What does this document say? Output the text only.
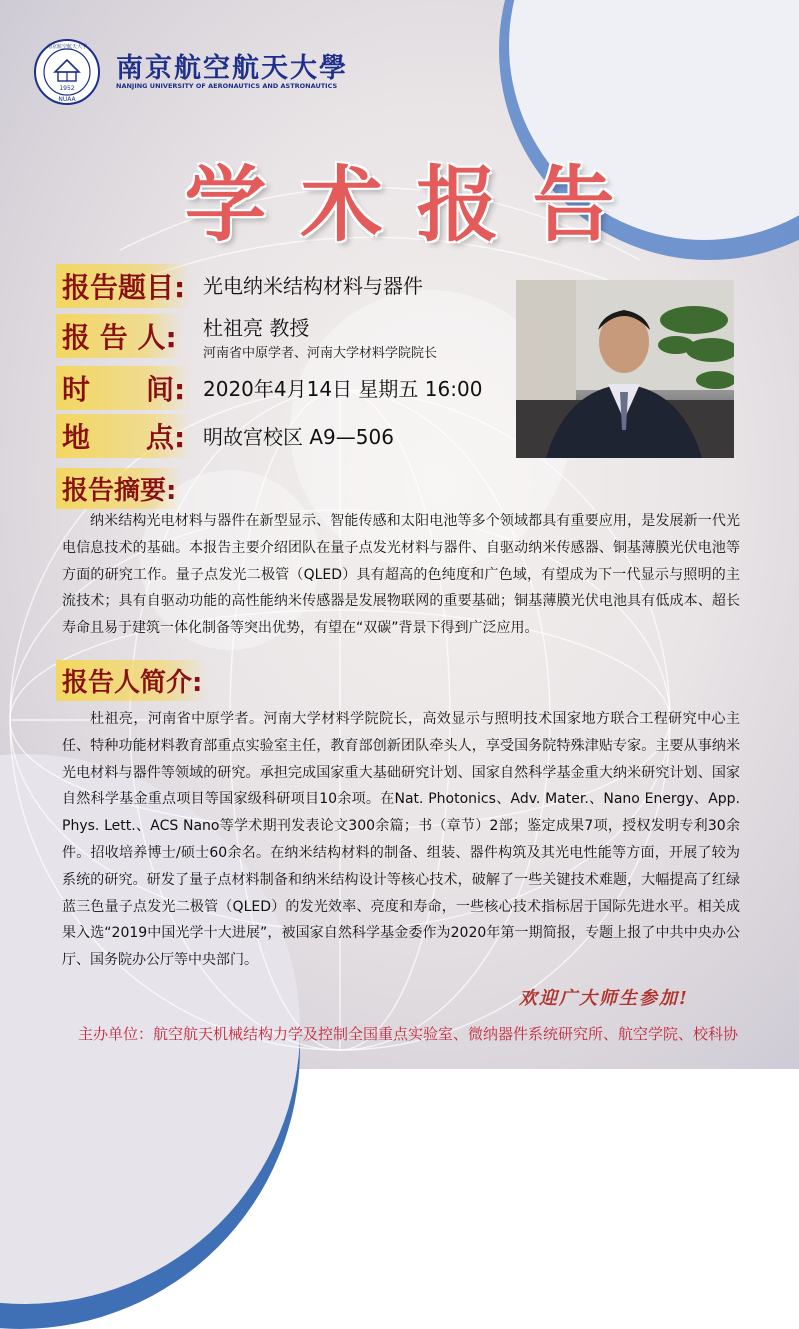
1952
NUAA
南京航空航天大学
南京航空航天大學
NANJING UNIVERSITY OF AERONAUTICS AND ASTRONAUTICS
学术报告
报告题目: 光电纳米结构材料与器件
报 告 人:	杜祖亮 教授
河南省中原学者、河南大学材料学院院长
时　　间: 2020年4月14日 星期五 16:00
地　　点: 明故宫校区 A9—506
报告摘要:
纳米结构光电材料与器件在新型显示、智能传感和太阳电池等多个领域都具有重要应用，是发展新一代光电信息技术的基础。本报告主要介绍团队在量子点发光材料与器件、自驱动纳米传感器、铜基薄膜光伏电池等方面的研究工作。量子点发光二极管（QLED）具有超高的色纯度和广色域，有望成为下一代显示与照明的主流技术；具有自驱动功能的高性能纳米传感器是发展物联网的重要基础；铜基薄膜光伏电池具有低成本、超长寿命且易于建筑一体化制备等突出优势，有望在“双碳”背景下得到广泛应用。
报告人简介:
杜祖亮，河南省中原学者。河南大学材料学院院长，高效显示与照明技术国家地方联合工程研究中心主任、特种功能材料教育部重点实验室主任，教育部创新团队牵头人，享受国务院特殊津贴专家。主要从事纳米光电材料与器件等领域的研究。承担完成国家重大基础研究计划、国家自然科学基金重大纳米研究计划、国家自然科学基金重点项目等国家级科研项目10余项。在Nat. Photonics、Adv. Mater.、Nano Energy、App. Phys. Lett.、ACS Nano等学术期刊发表论文300余篇；书（章节）2部；鉴定成果7项，授权发明专利30余件。招收培养博士/硕士60余名。在纳米结构材料的制备、组装、器件构筑及其光电性能等方面，开展了较为系统的研究。研发了量子点材料制备和纳米结构设计等核心技术，破解了一些关键技术难题，大幅提高了红绿蓝三色量子点发光二极管（QLED）的发光效率、亮度和寿命，一些核心技术指标居于国际先进水平。相关成果入选“2019中国光学十大进展”，被国家自然科学基金委作为2020年第一期简报，专题上报了中共中央办公厅、国务院办公厅等中央部门。
欢迎广大师生参加!
主办单位：航空航天机械结构力学及控制全国重点实验室、微纳器件系统研究所、航空学院、校科协
